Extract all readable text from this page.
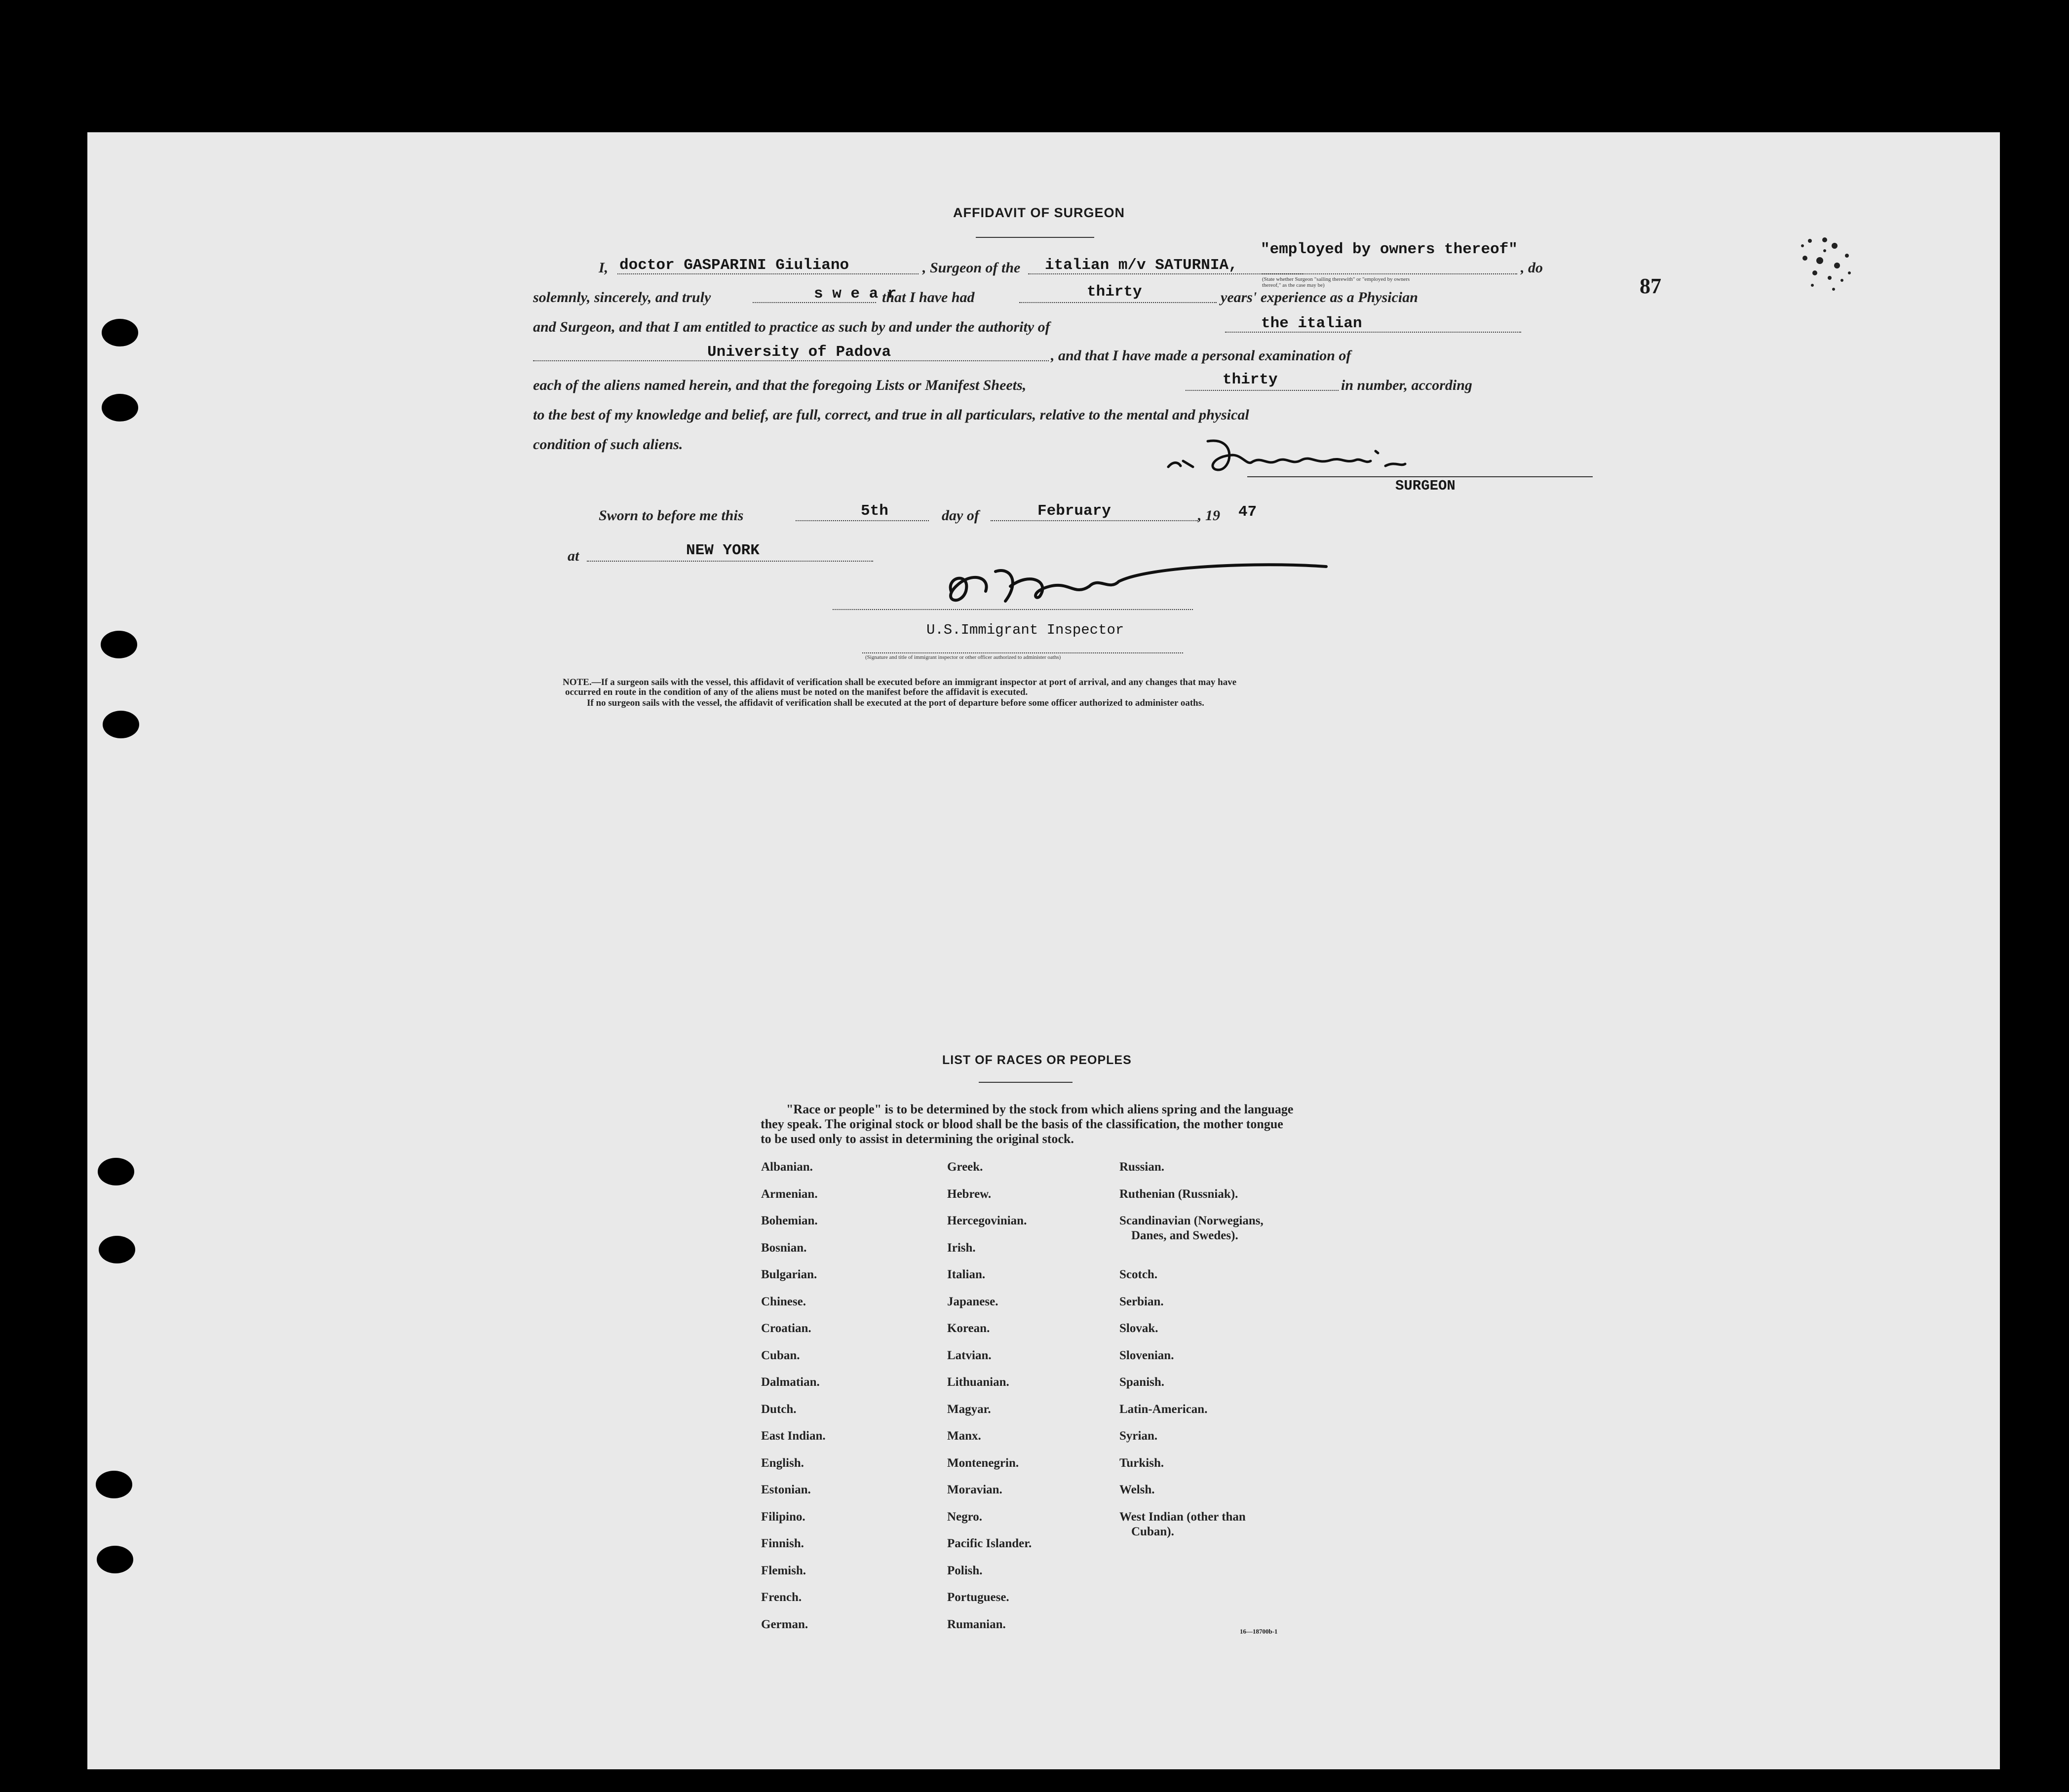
87
AFFIDAVIT OF SURGEON
I, doctor GASPARINI Giuliano	, Surgeon of the italian m/v SATURNIA,
"employed by owners thereof"
(State whether Surgeon "sailing therewith" or "employed by owners thereof," as the case may be)
, do
solemnly, sincerely, and truly	s w e a r
that I have had	thirty	years' experience as a Physician
and Surgeon, and that I am entitled to practice as such by and under the authority of	the italian
University of Padova	, and that I have made a personal examination of
each of the aliens named herein, and that the foregoing Lists or Manifest Sheets,	thirty	in number, according
to the best of my knowledge and belief, are full, correct, and true in all particulars, relative to the mental and physical
condition of such aliens.
SURGEON
Sworn to before me this	5th	day of	February	, 19 47
at	NEW YORK
U.S.Immigrant Inspector
(Signature and title of immigrant inspector or other officer authorized to administer oaths)
NOTE.—If a surgeon sails with the vessel, this affidavit of verification shall be executed before an immigrant inspector at port of arrival, and any changes that may have
occurred en route in the condition of any of the aliens must be noted on the manifest before the affidavit is executed.
If no surgeon sails with the vessel, the affidavit of verification shall be executed at the port of departure before some officer authorized to administer oaths.
LIST OF RACES OR PEOPLES
"Race or people" is to be determined by the stock from which aliens spring and the language they speak. The original stock or blood shall be the basis of the classification, the mother tongue to be used only to assist in determining the original stock.
Albanian.
Armenian.
Bohemian.
Bosnian.
Bulgarian.
Chinese.
Croatian.
Cuban.
Dalmatian.
Dutch.
East Indian.
English.
Estonian.
Filipino.
Finnish.
Flemish.
French.
German.
Greek.
Hebrew.
Hercegovinian.
Irish.
Italian.
Japanese.
Korean.
Latvian.
Lithuanian.
Magyar.
Manx.
Montenegrin.
Moravian.
Negro.
Pacific Islander.
Polish.
Portuguese.
Rumanian.
Russian.
Ruthenian (Russniak).
Scandinavian (Norwegians,
Danes, and Swedes).
Scotch.
Serbian.
Slovak.
Slovenian.
Spanish.
Latin-American.
Syrian.
Turkish.
Welsh.
West Indian (other than
Cuban).
16—18700b-1
